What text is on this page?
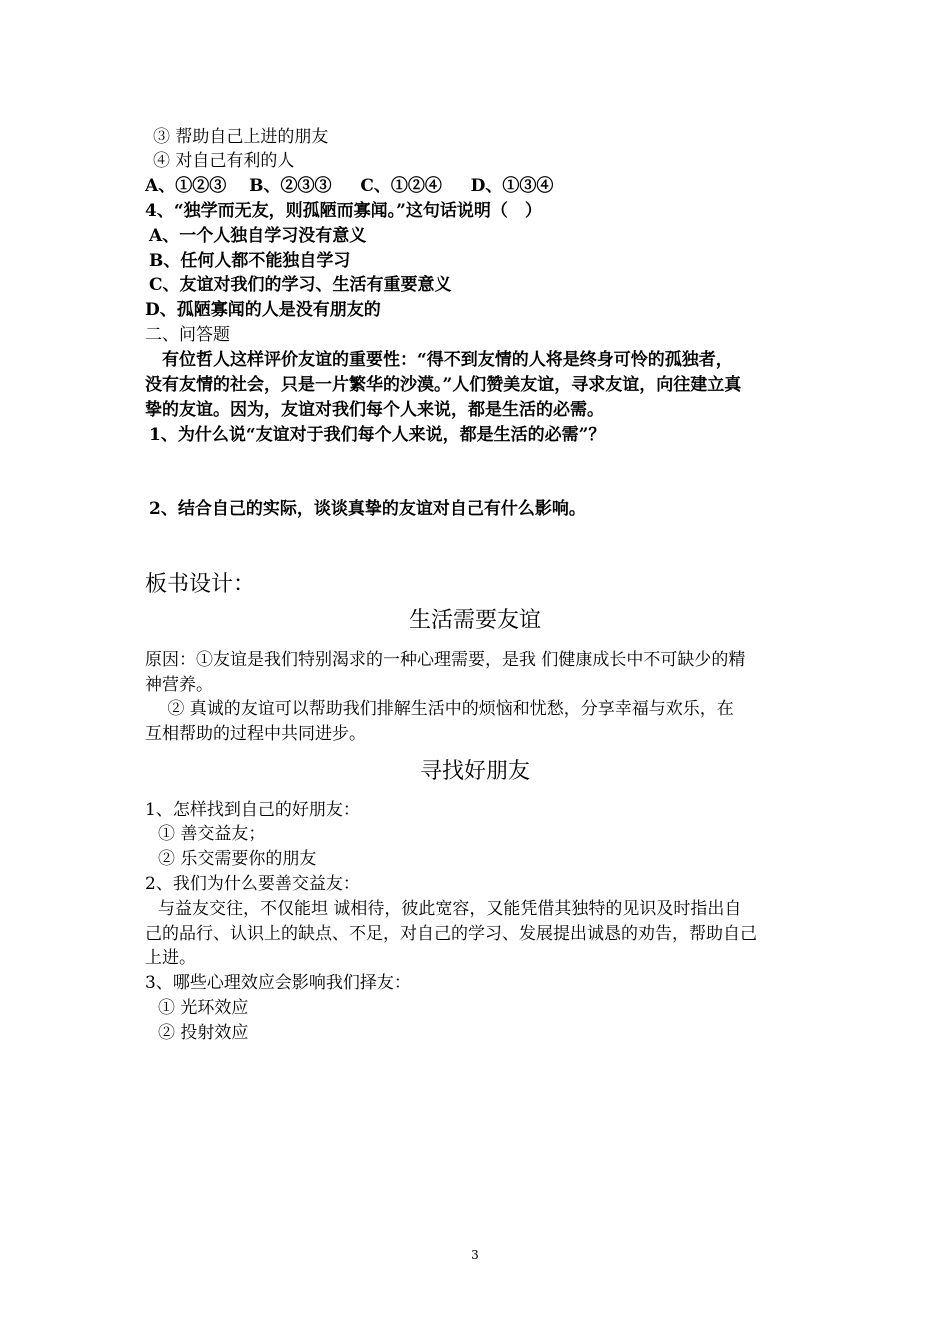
③ 帮助自己上进的朋友
④ 对自己有利的人
A、①②③　 B、②③③ 　 C、①②④ 　 D、①③④
4、“独学而无友，则孤陋而寡闻。”这句话说明（　）
A、一个人独自学习没有意义
B、任何人都不能独自学习
C、友谊对我们的学习、生活有重要意义
D、孤陋寡闻的人是没有朋友的
二、问答题
　有位哲人这样评价友谊的重要性：“得不到友情的人将是终身可怜的孤独者，
没有友情的社会，只是一片繁华的沙漠。”人们赞美友谊，寻求友谊，向往建立真
挚的友谊。因为，友谊对我们每个人来说，都是生活的必需。
1、为什么说“友谊对于我们每个人来说，都是生活的必需”？
2、结合自己的实际，谈谈真挚的友谊对自己有什么影响。
板书设计：
生活需要友谊
原因：①友谊是我们特别渴求的一种心理需要，是我 们健康成长中不可缺少的精
神营养。
　 ② 真诚的友谊可以帮助我们排解生活中的烦恼和忧愁，分享幸福与欢乐，在
互相帮助的过程中共同进步。
寻找好朋友
1、怎样找到自己的好朋友：
① 善交益友；
② 乐交需要你的朋友
2、我们为什么要善交益友：
与益友交往，不仅能坦 诚相待，彼此宽容，又能凭借其独特的见识及时指出自
己的品行、认识上的缺点、不足，对自己的学习、发展提出诚恳的劝告，帮助自己
上进。
3、哪些心理效应会影响我们择友：
① 光环效应
② 投射效应
3
